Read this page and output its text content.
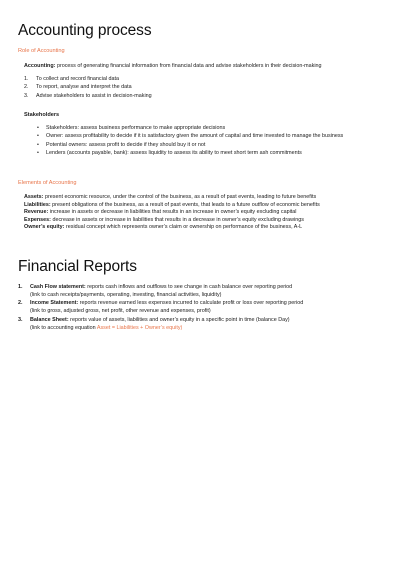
Accounting process

Role of Accounting

Accounting: process of generating financial information from financial data and advise stakeholders in their decision-making

1. To collect and record financial data
2. To report, analyse and interpret the data
3. Advise stakeholders to assist in decision-making

Stakeholders

• Stakeholders: assess business performance to make appropriate decisions
• Owner: assess profitability to decide if it is satisfactory given the amount of capital and time invested to manage the business
• Potential owners: assess profit to decide if they should buy it or not
• Lenders (accounts payable, bank): assess liquidity to assess its ability to meet short term ash commitments

Elements of Accounting

Assets: present economic resource, under the control of the business, as a result of past events, leading to future benefits
Liabilities: present obligations of the business, as a result of past events, that leads to a future outflow of economic benefits
Revenue: increase in assets or decrease in liabilities that results in an increase in owner’s equity excluding capital
Expenses: decrease in assets or increase in liabilities that results in a decrease in owner’s equity excluding drawings
Owner’s equity: residual concept which represents owner’s claim or ownership on performance of the business, A-L
Financial Reports
1. Cash Flow statement: reports cash inflows and outflows to see change in cash balance over reporting period
(link to cash receipts/payments, operating, investing, financial activities, liquidity)
2. Income Statement: reports revenue earned less expenses incurred to calculate profit or loss over reporting period
(link to gross, adjusted gross, net profit, other revenue and expenses, profit)
3. Balance Sheet: reports value of assets, liabilities and owner’s equity in a specific point in time (balance Day)
(link to accounting equation Asset = Liabilities + Owner’s equity)
